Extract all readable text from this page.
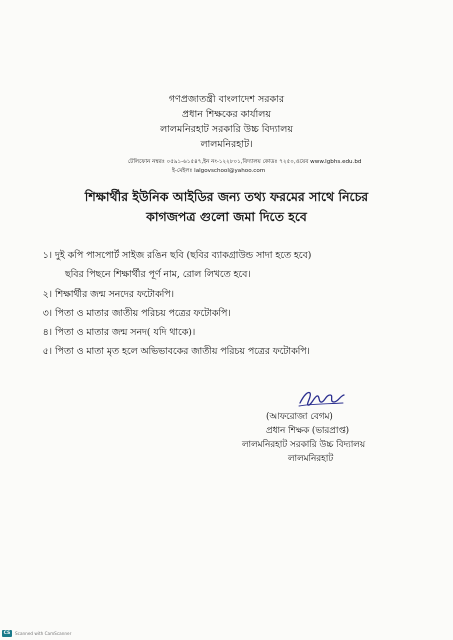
গণপ্রজাতন্ত্রী বাংলাদেশ সরকার
প্রধান শিক্ষকের কার্যালয়
লালমনিরহাট সরকারি উচ্চ বিদ্যালয়
লালমনিরহাট।
টেলিফোন নম্বরঃ ০৫৯১-৬১৫৪৭,ইন নং-১২২৮০১,বিদ্যালয় কোডঃ ৭২৫০,ওয়েব www.lgbhs.edu.bd
ই-মেইলঃ lalgovschool@yahoo.com
শিক্ষার্থীর ইউনিক আইডির জন্য তথ্য ফরমের সাথে নিচের
কাগজপত্র গুলো জমা দিতে হবে
১। দুই কপি পাসপোর্ট সাইজ রঙিন ছবি (ছবির ব্যাকগ্রাউন্ড সাদা হতে হবে)
ছবির পিছনে শিক্ষার্থীর পূর্ণ নাম, রোল লিখতে হবে।
২। শিক্ষার্থীর জন্ম সনদের ফটোকপি।
৩। পিতা ও মাতার জাতীয় পরিচয় পত্রের ফটোকপি।
৪। পিতা ও মাতার জন্ম সনদ( যদি থাকে)।
৫। পিতা ও মাতা মৃত হলে অভিভাবকের জাতীয় পরিচয় পত্রের ফটোকপি।
(আফরোজা বেগম)
প্রধান শিক্ষক (ভারপ্রাপ্ত)
লালমনিরহাট সরকারি উচ্চ বিদ্যালয়
লালমনিরহাট
CS	Scanned with CamScanner
